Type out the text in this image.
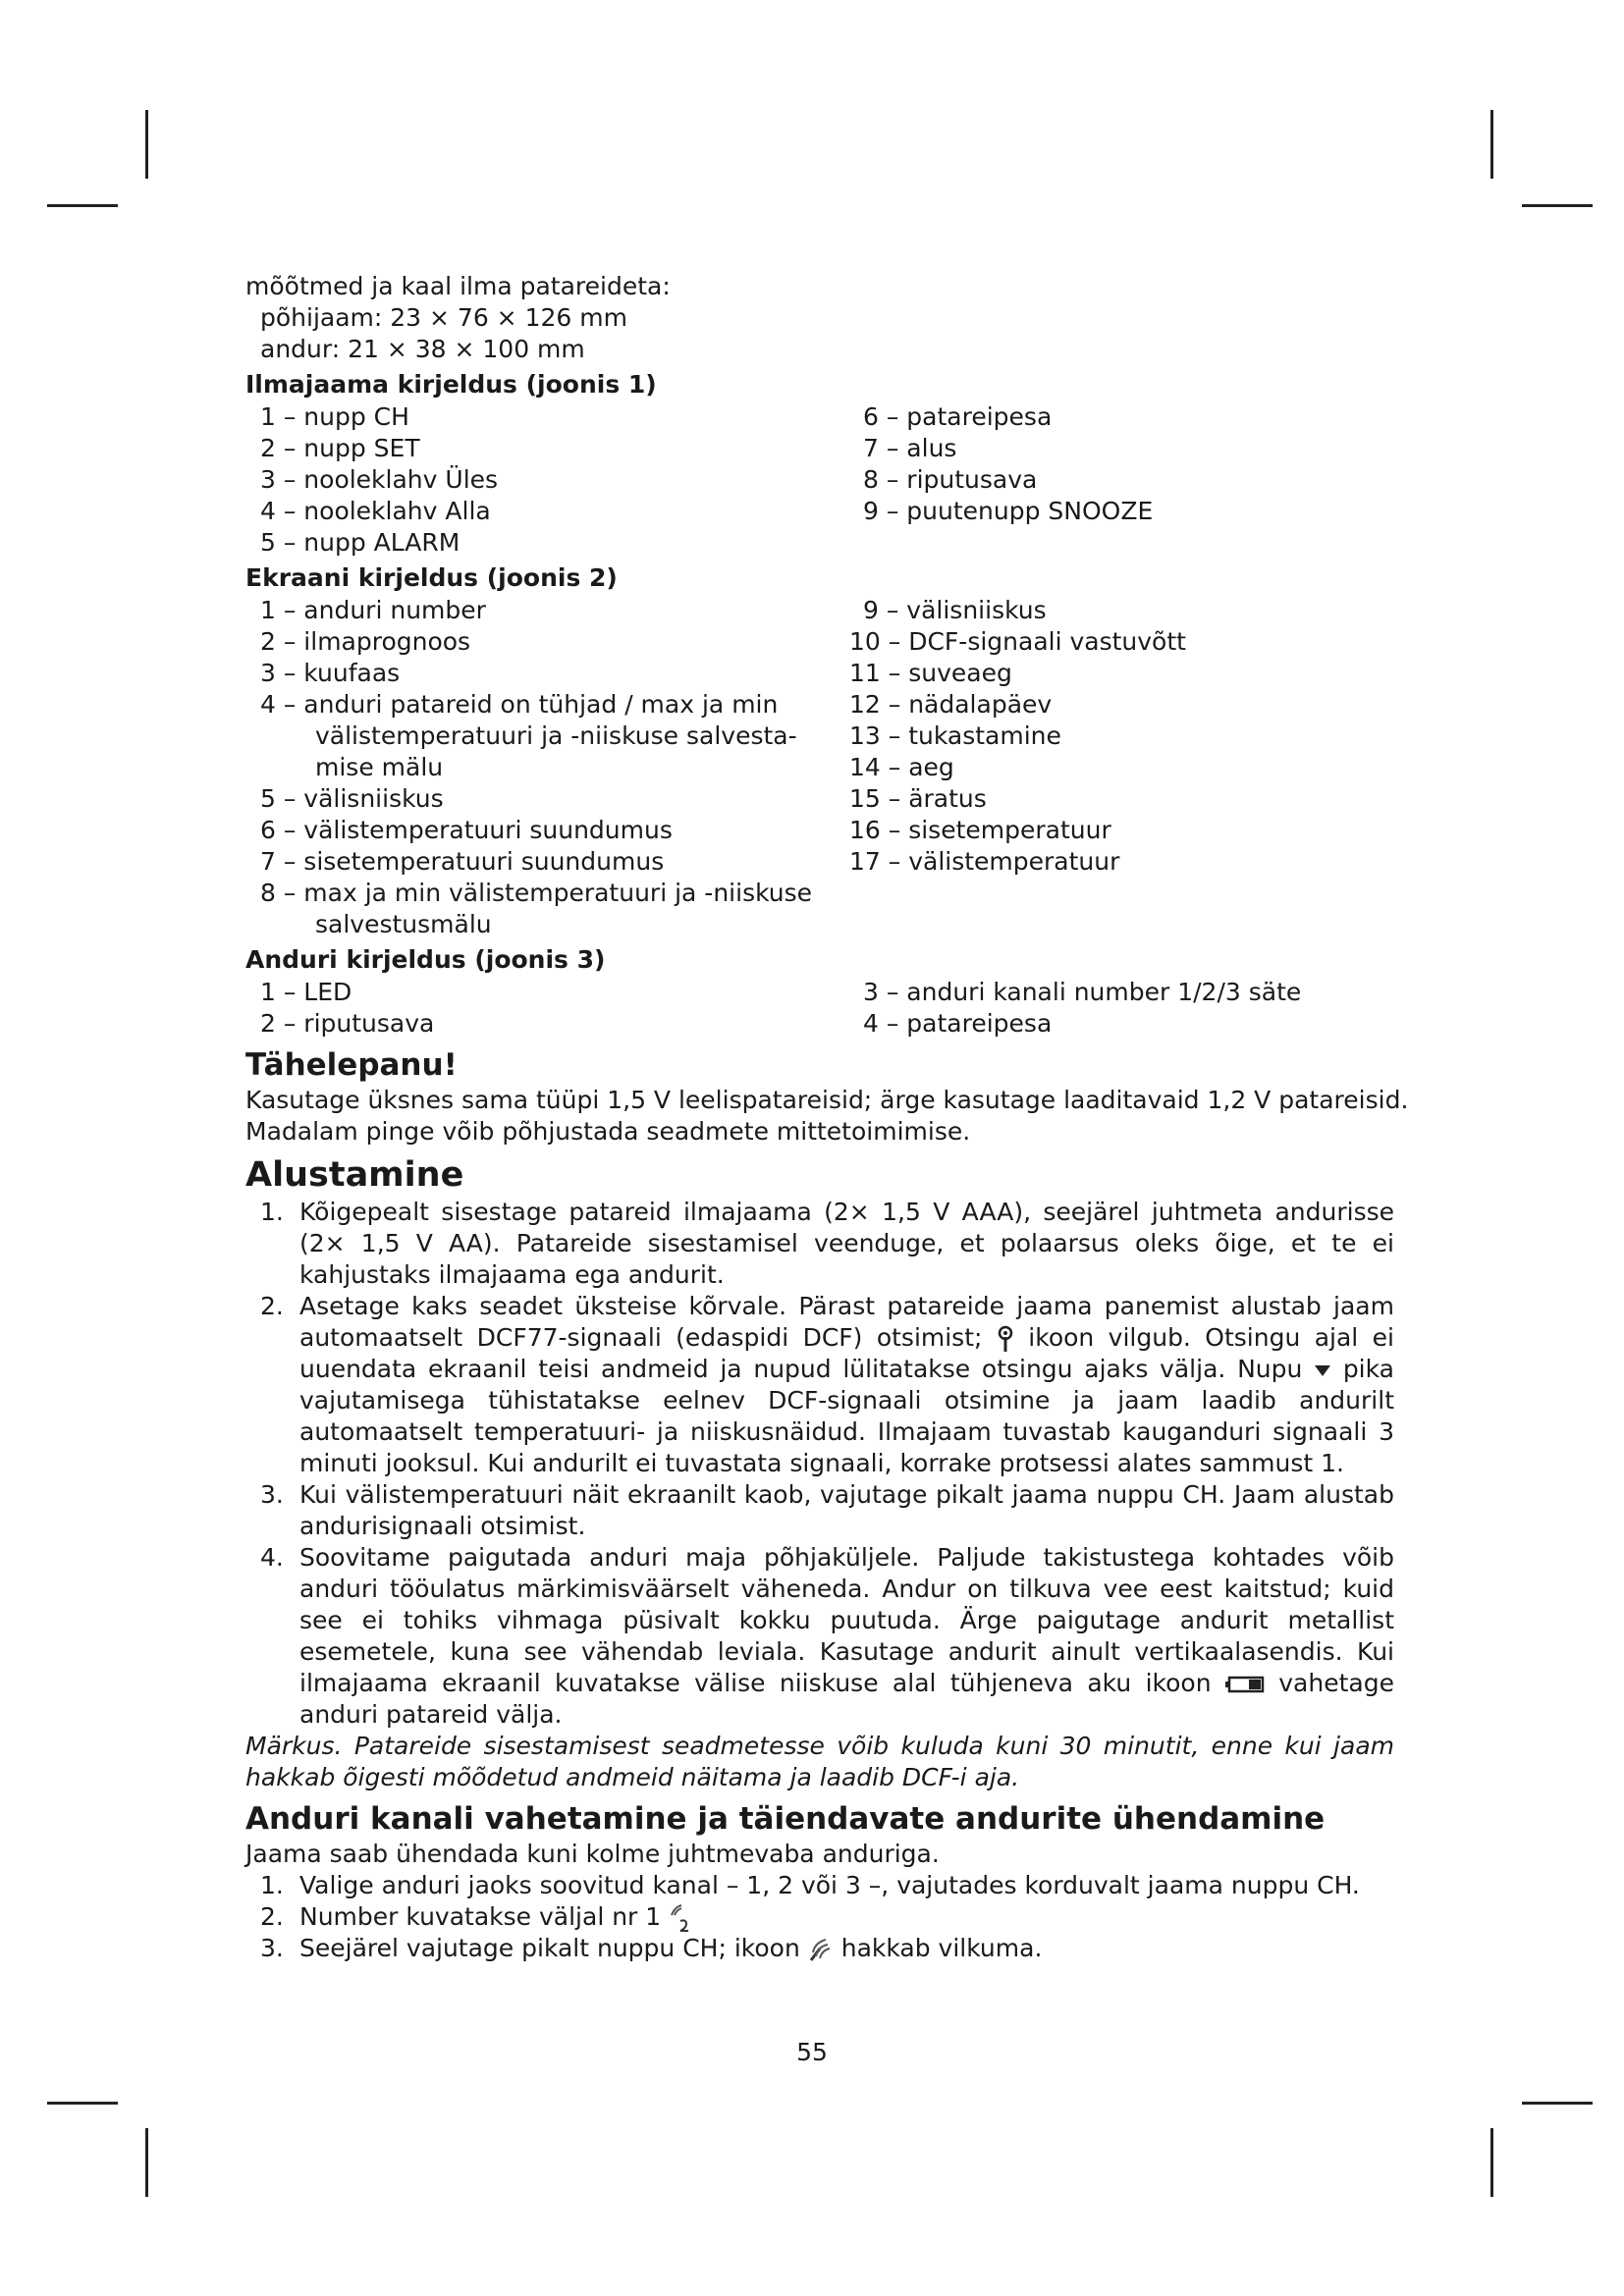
mõõtmed ja kaal ilma patareideta:
põhijaam: 23 × 76 × 126 mm
andur: 21 × 38 × 100 mm
Ilmajaama kirjeldus (joonis 1)
1 – nupp CH
2 – nupp SET
3 – nooleklahv Üles
4 – nooleklahv Alla
5 – nupp ALARM
6 – patareipesa
7 – alus
8 – riputusava
9 – puutenupp SNOOZE
Ekraani kirjeldus (joonis 2)
1 – anduri number
2 – ilmaprognoos
3 – kuufaas
4 – anduri patareid on tühjad / max ja min
välistemperatuuri ja -niiskuse salvesta-
mise mälu
5 – välisniiskus
6 – välistemperatuuri suundumus
7 – sisetemperatuuri suundumus
8 – max ja min välistemperatuuri ja -niiskuse
salvestusmälu
9 – välisniiskus
10 – DCF-signaali vastuvõtt
11 – suveaeg
12 – nädalapäev
13 – tukastamine
14 – aeg
15 – äratus
16 – sisetemperatuur
17 – välistemperatuur
Anduri kirjeldus (joonis 3)
1 – LED
2 – riputusava
3 – anduri kanali number 1/2/3 säte
4 – patareipesa
Tähelepanu!
Kasutage üksnes sama tüüpi 1,5 V leelispatareisid; ärge kasutage laaditavaid 1,2 V patareisid.
Madalam pinge võib põhjustada seadmete mittetoimimise.
Alustamine
1. Kõigepealt sisestage patareid ilmajaama (2× 1,5 V AAA), seejärel juhtmeta andurisse (2× 1,5 V AA). Patareide sisestamisel veenduge, et polaarsus oleks õige, et te ei kahjustaks ilmajaama ega andurit.
2. Asetage kaks seadet üksteise kõrvale. Pärast patareide jaama panemist alustab jaam automaatselt DCF77-signaali (edaspidi DCF) otsimist; ikoon vilgub. Otsingu ajal ei uuendata ekraanil teisi andmeid ja nupud lülitatakse otsingu ajaks välja. Nupu pika vajutamisega tühistatakse eelnev DCF-signaali otsimine ja jaam laadib andurilt automaatselt temperatuuri- ja niiskusnäidud. Ilmajaam tuvastab kauganduri signaali 3 minuti jooksul. Kui andurilt ei tuvastata signaali, korrake protsessi alates sammust 1.
3. Kui välistemperatuuri näit ekraanilt kaob, vajutage pikalt jaama nuppu CH. Jaam alustab andurisignaali otsimist.
4. Soovitame paigutada anduri maja põhjaküljele. Paljude takistustega kohtades võib anduri tööulatus märkimisväärselt väheneda. Andur on tilkuva vee eest kaitstud; kuid see ei tohiks vihmaga püsivalt kokku puutuda. Ärge paigutage andurit metallist esemetele, kuna see vähendab leviala. Kasutage andurit ainult vertikaalasendis. Kui ilmajaama ekraanil kuvatakse välise niiskuse alal tühjeneva aku ikoon	vahetage anduri patareid välja.
Märkus. Patareide sisestamisest seadmetesse võib kuluda kuni 30 minutit, enne kui jaam hakkab õigesti mõõdetud andmeid näitama ja laadib DCF-i aja.
Anduri kanali vahetamine ja täiendavate andurite ühendamine
Jaama saab ühendada kuni kolme juhtmevaba anduriga.
1. Valige anduri jaoks soovitud kanal – 1, 2 või 3 –, vajutades korduvalt jaama nuppu CH.
2. Number kuvatakse väljal nr 1
3. Seejärel vajutage pikalt nuppu CH; ikoon hakkab vilkuma.
55
